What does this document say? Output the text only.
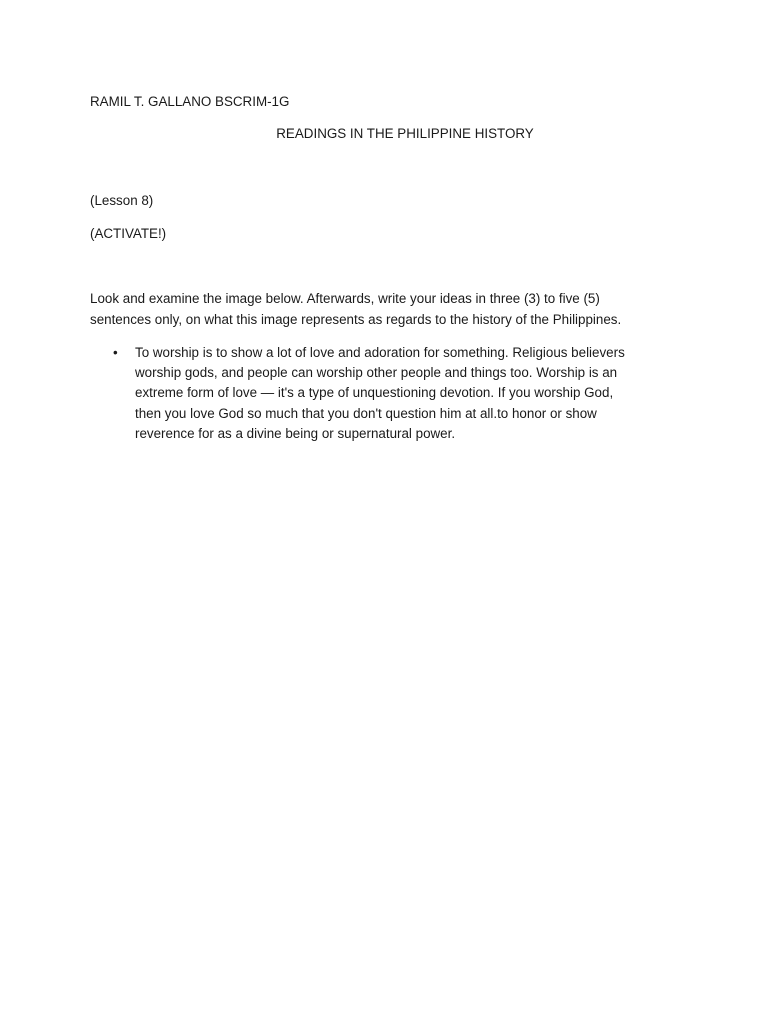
RAMIL T. GALLANO BSCRIM-1G
READINGS IN THE PHILIPPINE HISTORY
(Lesson 8)
(ACTIVATE!)
Look and examine the image below. Afterwards, write your ideas in three (3) to five (5)
sentences only, on what this image represents as regards to the history of the Philippines.
• To worship is to show a lot of love and adoration for something. Religious believers
worship gods, and people can worship other people and things too. Worship is an
extreme form of love — it's a type of unquestioning devotion. If you worship God,
then you love God so much that you don't question him at all.to honor or show
reverence for as a divine being or supernatural power.
